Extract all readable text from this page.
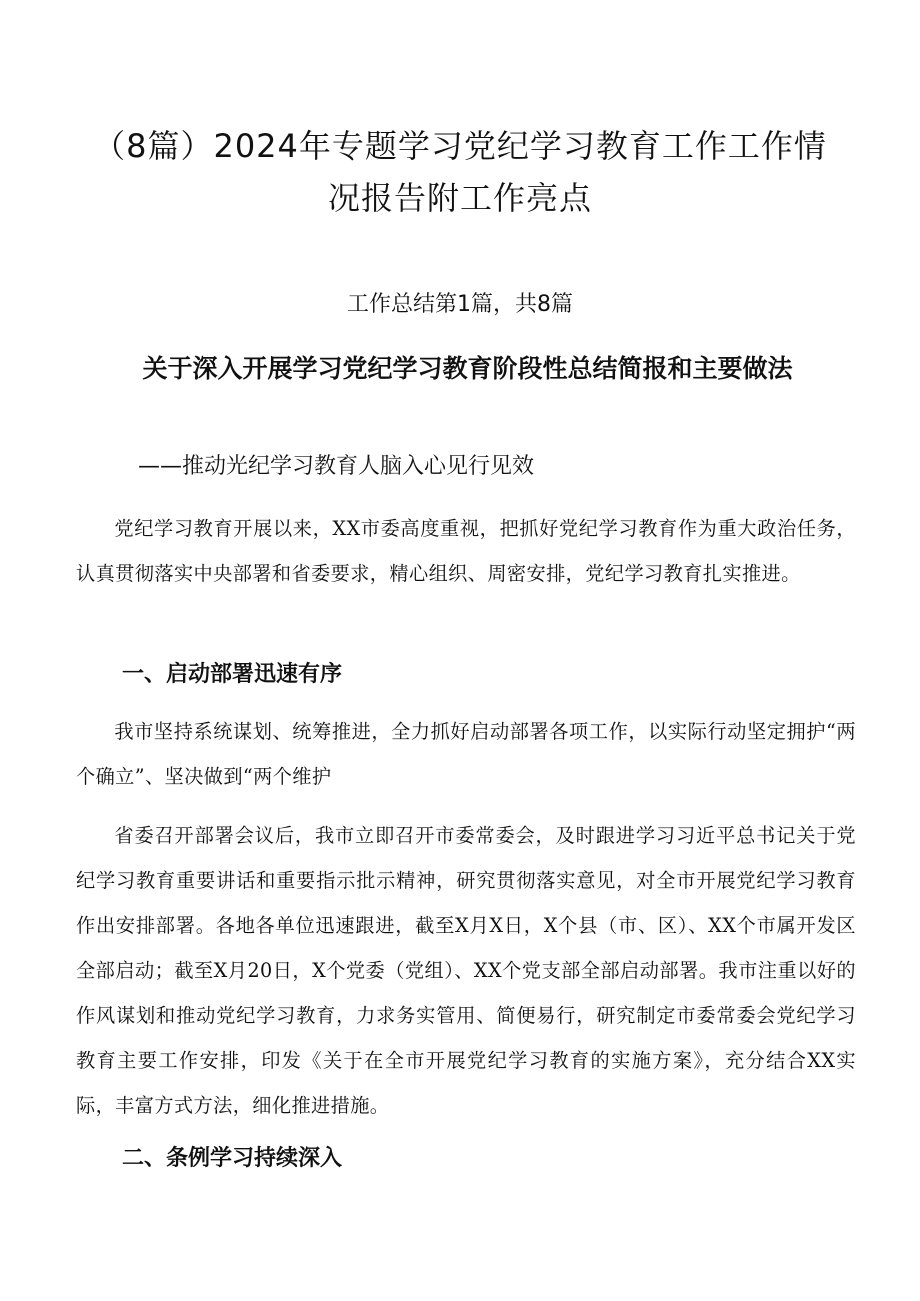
（8篇）2024年专题学习党纪学习教育工作工作情况报告附工作亮点

工作总结第1篇，共8篇

关于深入开展学习党纪学习教育阶段性总结简报和主要做法

——推动光纪学习教育人脑入心见行见效

党纪学习教育开展以来，XX市委高度重视，把抓好党纪学习教育作为重大政治任务，认真贯彻落实中央部署和省委要求，精心组织、周密安排，党纪学习教育扎实推进。

一、启动部署迅速有序

我市坚持系统谋划、统筹推进，全力抓好启动部署各项工作，以实际行动坚定拥护“两个确立”、坚决做到“两个维护

省委召开部署会议后，我市立即召开市委常委会，及时跟进学习习近平总书记关于党纪学习教育重要讲话和重要指示批示精神，研究贯彻落实意见，对全市开展党纪学习教育作出安排部署。各地各单位迅速跟进，截至X月X日，X个县（市、区）、XX个市属开发区全部启动；截至X月20日，X个党委（党组）、XX个党支部全部启动部署。我市注重以好的作风谋划和推动党纪学习教育，力求务实管用、简便易行，研究制定市委常委会党纪学习教育主要工作安排，印发《关于在全市开展党纪学习教育的实施方案》，充分结合XX实际，丰富方式方法，细化推进措施。

二、条例学习持续深入
